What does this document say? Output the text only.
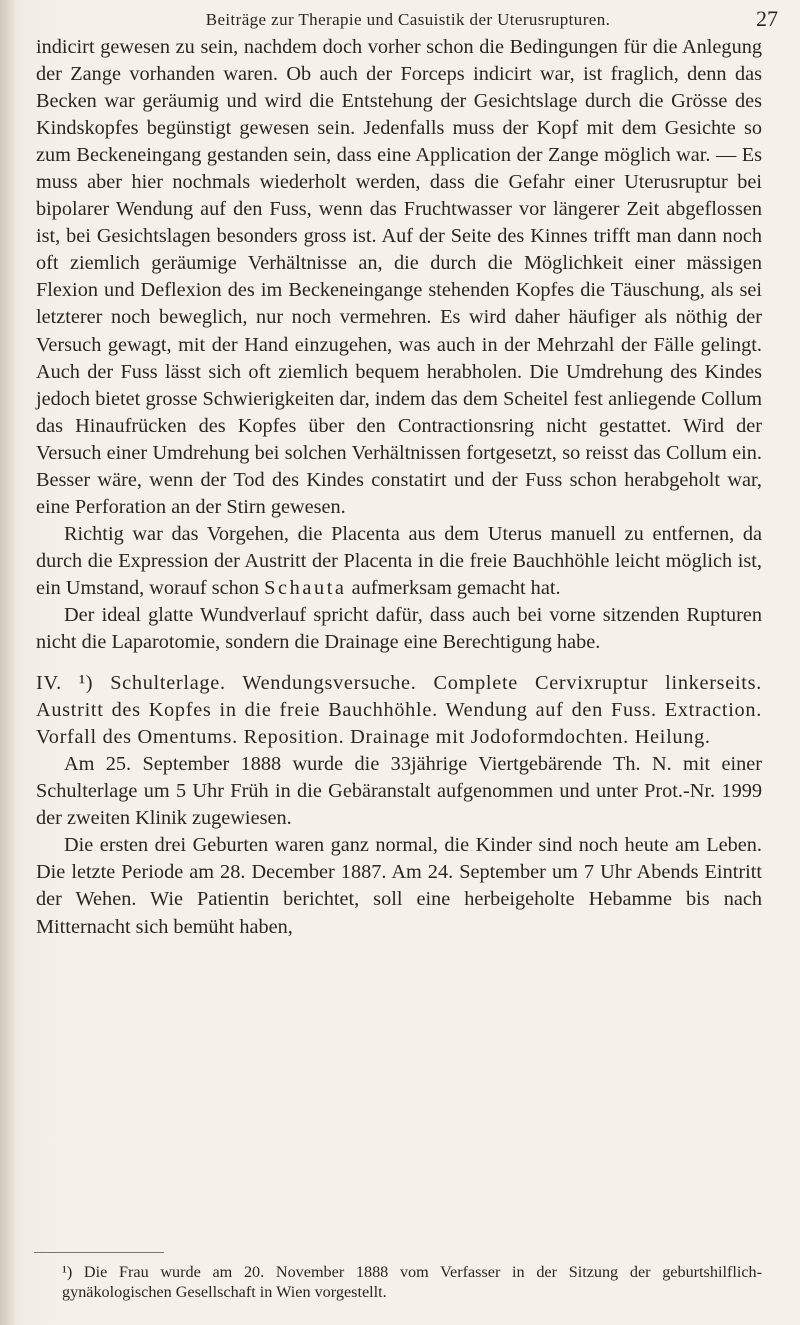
Beiträge zur Therapie und Casuistik der Uterusrupturen.	27

indicirt gewesen zu sein, nachdem doch vorher schon die Bedingungen für die Anlegung der Zange vorhanden waren. Ob auch der Forceps indicirt war, ist fraglich, denn das Becken war geräumig und wird die Entstehung der Gesichtslage durch die Grösse des Kindskopfes begünstigt gewesen sein. Jedenfalls muss der Kopf mit dem Gesichte so zum Beckeneingang gestanden sein, dass eine Application der Zange möglich war. — Es muss aber hier nochmals wiederholt werden, dass die Gefahr einer Uterusruptur bei bipolarer Wendung auf den Fuss, wenn das Fruchtwasser vor längerer Zeit abgeflossen ist, bei Gesichtslagen besonders gross ist. Auf der Seite des Kinnes trifft man dann noch oft ziemlich geräumige Verhältnisse an, die durch die Möglichkeit einer mässigen Flexion und Deflexion des im Beckeneingange stehenden Kopfes die Täuschung, als sei letzterer noch beweglich, nur noch vermehren. Es wird daher häufiger als nöthig der Versuch gewagt, mit der Hand einzugehen, was auch in der Mehrzahl der Fälle gelingt. Auch der Fuss lässt sich oft ziemlich bequem herabholen. Die Umdrehung des Kindes jedoch bietet grosse Schwierigkeiten dar, indem das dem Scheitel fest anliegende Collum das Hinaufrücken des Kopfes über den Contractionsring nicht gestattet. Wird der Versuch einer Umdrehung bei solchen Verhältnissen fortgesetzt, so reisst das Collum ein. Besser wäre, wenn der Tod des Kindes constatirt und der Fuss schon herabgeholt war, eine Perforation an der Stirn gewesen.

Richtig war das Vorgehen, die Placenta aus dem Uterus manuell zu entfernen, da durch die Expression der Austritt der Placenta in die freie Bauchhöhle leicht möglich ist, ein Umstand, worauf schon Schauta aufmerksam gemacht hat.

Der ideal glatte Wundverlauf spricht dafür, dass auch bei vorne sitzenden Rupturen nicht die Laparotomie, sondern die Drainage eine Berechtigung habe.

IV. ¹) Schulterlage. Wendungsversuche. Complete Cervixruptur linkerseits. Austritt des Kopfes in die freie Bauchhöhle. Wendung auf den Fuss. Extraction. Vorfall des Omentums. Reposition. Drainage mit Jodoformdochten. Heilung.

Am 25. September 1888 wurde die 33jährige Viertgebärende Th. N. mit einer Schulterlage um 5 Uhr Früh in die Gebäranstalt aufgenommen und unter Prot.-Nr. 1999 der zweiten Klinik zugewiesen.

Die ersten drei Geburten waren ganz normal, die Kinder sind noch heute am Leben. Die letzte Periode am 28. December 1887. Am 24. September um 7 Uhr Abends Eintritt der Wehen. Wie Patientin berichtet, soll eine herbeigeholte Hebamme bis nach Mitternacht sich bemüht haben,

¹) Die Frau wurde am 20. November 1888 vom Verfasser in der Sitzung der geburtshilflich-gynäkologischen Gesellschaft in Wien vorgestellt.
